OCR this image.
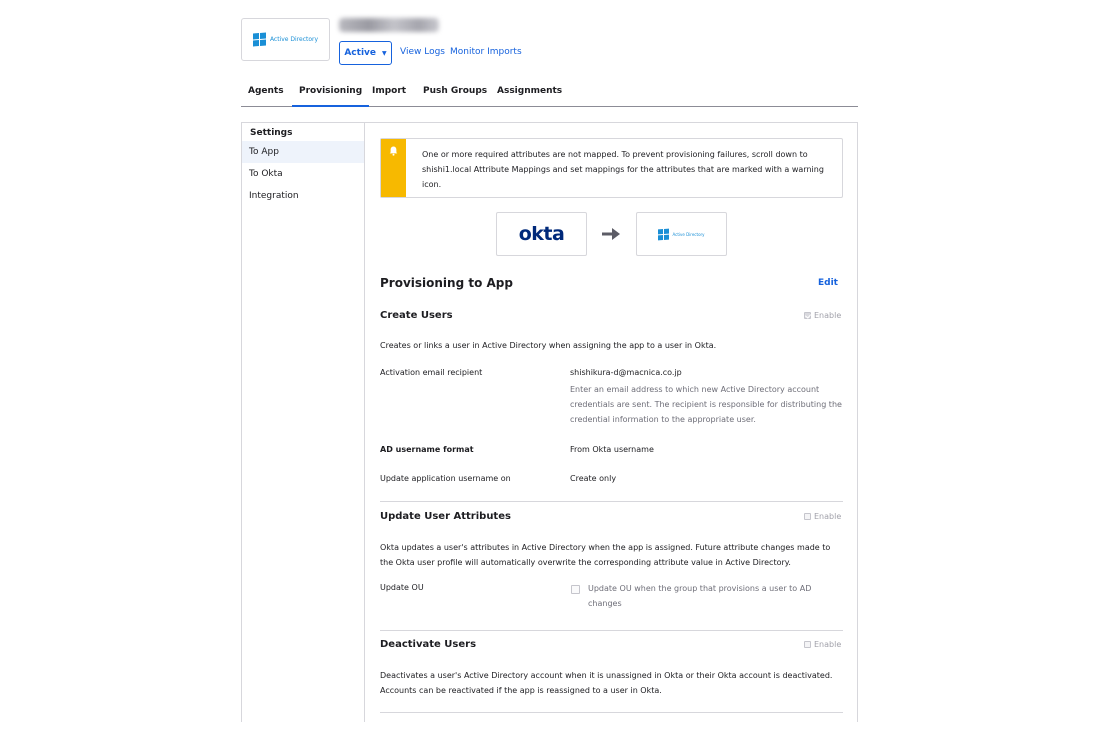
Active Directory
Active ▼ View Logs Monitor Imports
Agents	Provisioning	Import Push Groups Assignments
Settings
To App
To Okta
Integration
One or more required attributes are not mapped. To prevent provisioning failures, scroll down to shishi1.local Attribute Mappings and set mappings for the attributes that are marked with a warning icon.
okta	Active Directory
Provisioning to App	Edit
Create Users	Enable
Creates or links a user in Active Directory when assigning the app to a user in Okta.
Activation email recipient	shishikura-d@macnica.co.jp
Enter an email address to which new Active Directory account credentials are sent. The recipient is responsible for distributing the credential information to the appropriate user.
AD username format	From Okta username
Update application username on	Create only
Update User Attributes	Enable
Okta updates a user's attributes in Active Directory when the app is assigned. Future attribute changes made to the Okta user profile will automatically overwrite the corresponding attribute value in Active Directory.
Update OU	Update OU when the group that provisions a user to AD changes
Deactivate Users	Enable
Deactivates a user's Active Directory account when it is unassigned in Okta or their Okta account is deactivated. Accounts can be reactivated if the app is reassigned to a user in Okta.
